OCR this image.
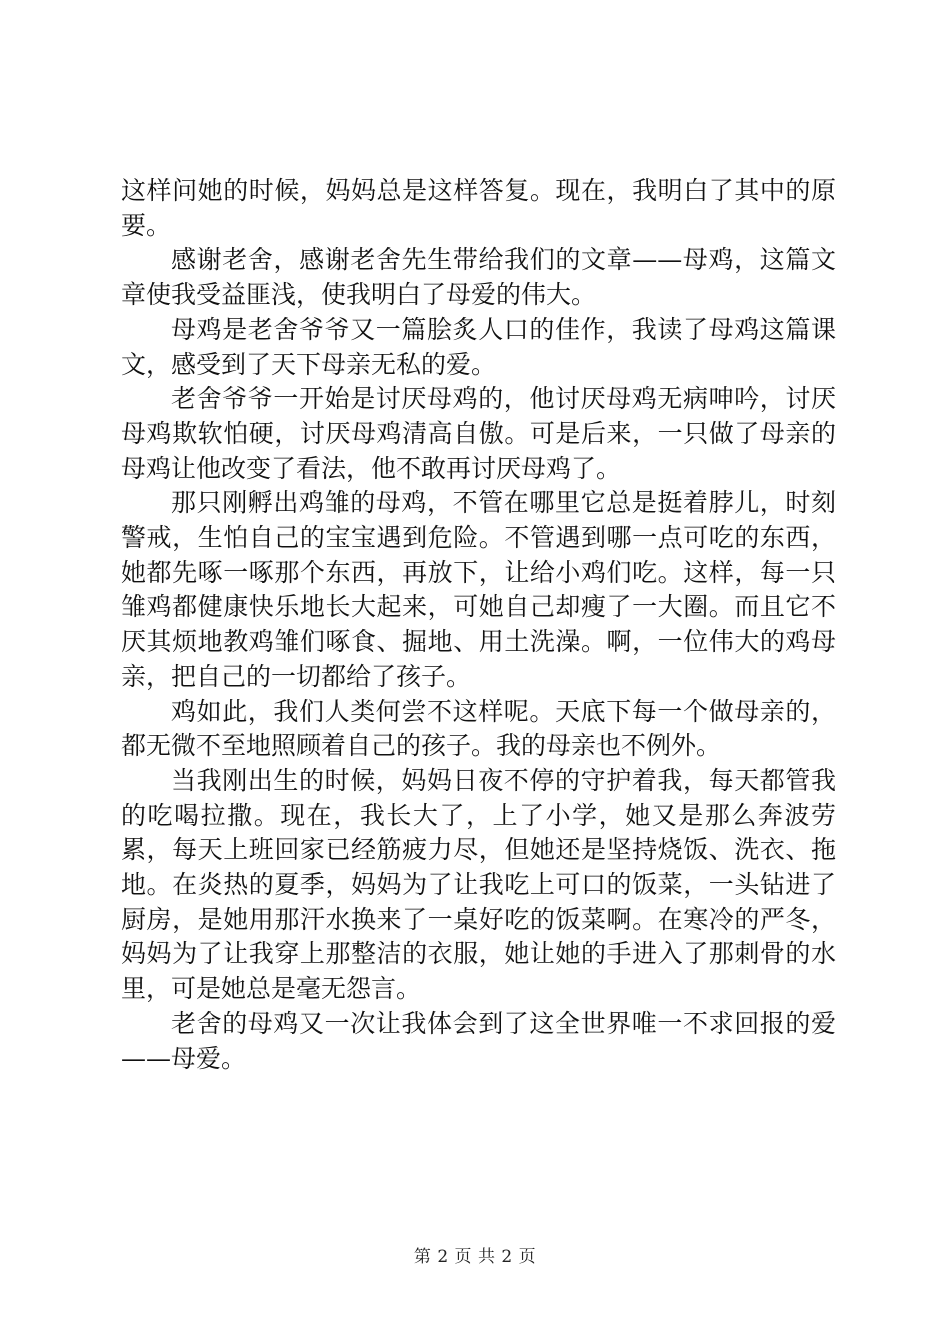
这样问她的时候，妈妈总是这样答复。现在，我明白了其中的原要。

感谢老舍，感谢老舍先生带给我们的文章——母鸡，这篇文章使我受益匪浅，使我明白了母爱的伟大。

母鸡是老舍爷爷又一篇脍炙人口的佳作，我读了母鸡这篇课文，感受到了天下母亲无私的爱。

老舍爷爷一开始是讨厌母鸡的，他讨厌母鸡无病呻吟，讨厌母鸡欺软怕硬，讨厌母鸡清高自傲。可是后来，一只做了母亲的母鸡让他改变了看法，他不敢再讨厌母鸡了。

那只刚孵出鸡雏的母鸡，不管在哪里它总是挺着脖儿，时刻警戒，生怕自己的宝宝遇到危险。不管遇到哪一点可吃的东西，她都先啄一啄那个东西，再放下，让给小鸡们吃。这样，每一只雏鸡都健康快乐地长大起来，可她自己却瘦了一大圈。而且它不厌其烦地教鸡雏们啄食、掘地、用土洗澡。啊，一位伟大的鸡母亲，把自己的一切都给了孩子。

鸡如此，我们人类何尝不这样呢。天底下每一个做母亲的，都无微不至地照顾着自己的孩子。我的母亲也不例外。

当我刚出生的时候，妈妈日夜不停的守护着我，每天都管我的吃喝拉撒。现在，我长大了，上了小学，她又是那么奔波劳累，每天上班回家已经筋疲力尽，但她还是坚持烧饭、洗衣、拖地。在炎热的夏季，妈妈为了让我吃上可口的饭菜，一头钻进了厨房，是她用那汗水换来了一桌好吃的饭菜啊。在寒冷的严冬，妈妈为了让我穿上那整洁的衣服，她让她的手进入了那刺骨的水里，可是她总是毫无怨言。

老舍的母鸡又一次让我体会到了这全世界唯一不求回报的爱——母爱。

第 2 页 共 2 页
